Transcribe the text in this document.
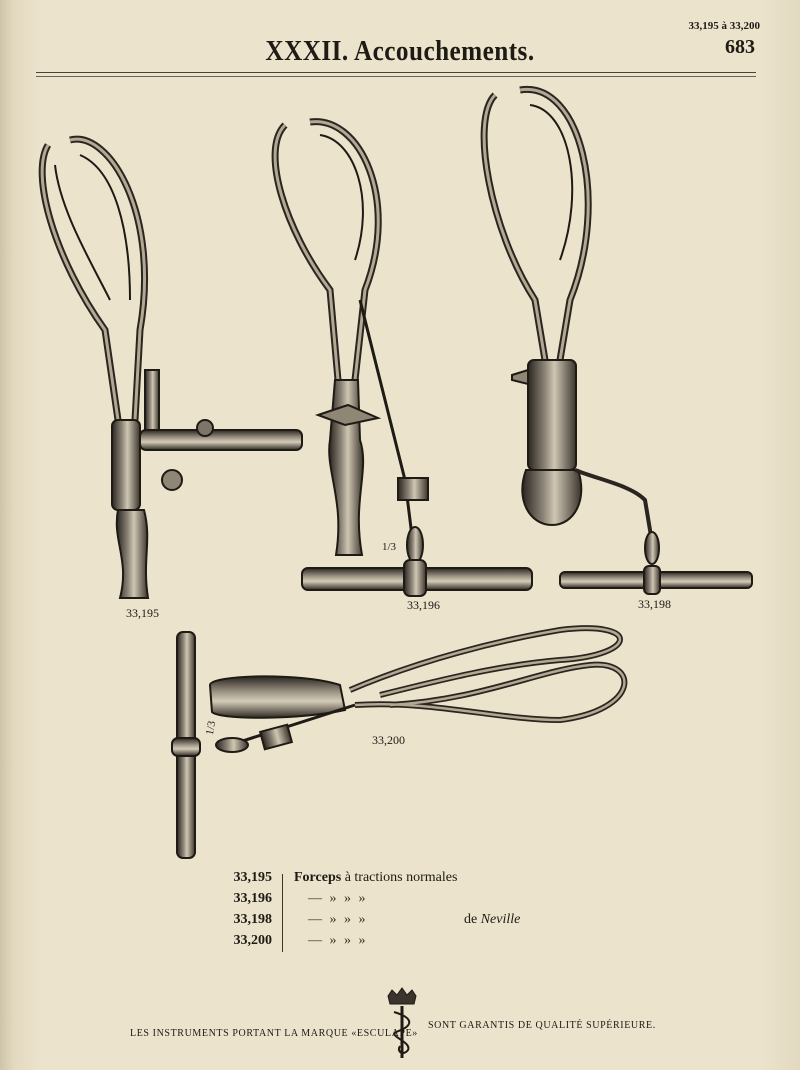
33,195 à 33,200
XXXII. Accouchements.	683
33,195
33,196	33,198
33,200
1/3
1/3
33,195 Forceps à tractions normales
33,196	— » » »
33,198	— » » »	de Neville
33,200	— » » »
LES INSTRUMENTS PORTANT LA MARQUE «ESCULAPE»
SONT GARANTIS DE QUALITÉ SUPÉRIEURE.
